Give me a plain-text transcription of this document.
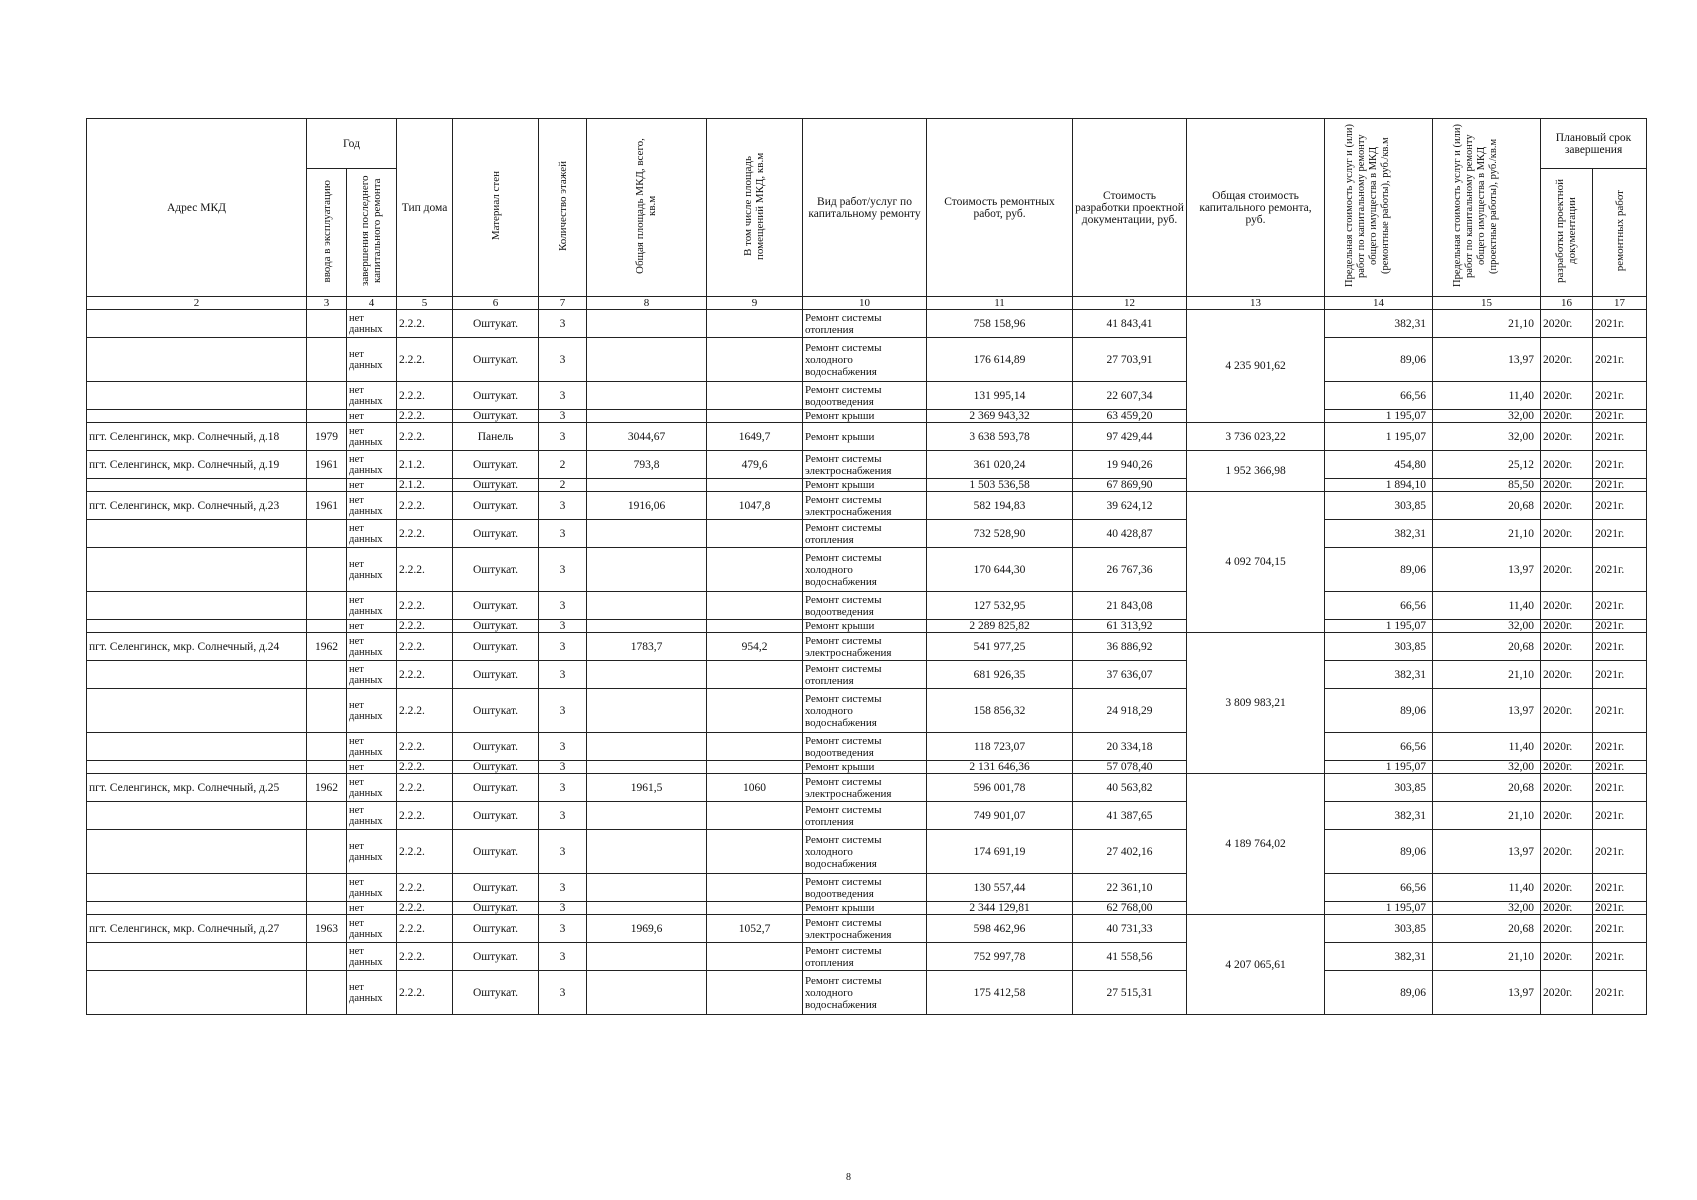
Адрес МКД	Год		Тип дома	Материал стен	Количество этажей	Общая площадь МКД, всего, кв.м	В том числе площадь помещений МКД, кв.м	Вид работ/услуг по капитальному ремонту	Стоимость ремонтных работ, руб.	Стоимость разработки проектной документации, руб.	Общая стоимость капитального ремонта, руб.	Предельная стоимость услуг и (или) работ по капитальному ремонту общего имущества в МКД (ремонтные работы), руб./кв.м	Предельная стоимость услуг и (или) работ по капитальному ремонту общего имущества в МКД (проектные работы), руб./кв.м	Плановый срок завершения	
	ввода в эксплуатацию	завершения последнего капитального ремонта												разработки проектной документации	ремонтных работ
2	3	4	5	6	7	8	9	10	11	12	13	14	15	16	17
		нет данных	2.2.2.	Оштукат.	3			Ремонт системы отопления	758 158,96	41 843,41	4 235 901,62	382,31	21,10	2020г.	2021г.
		нет данных	2.2.2.	Оштукат.	3			Ремонт системы холодного водоснабжения	176 614,89	27 703,91		89,06	13,97	2020г.	2021г.
		нет данных	2.2.2.	Оштукат.	3			Ремонт системы водоотведения	131 995,14	22 607,34		66,56	11,40	2020г.	2021г.
		нет	2.2.2.	Оштукат.	3			Ремонт крыши	2 369 943,32	63 459,20		1 195,07	32,00	2020г.	2021г.
пгт. Селенгинск, мкр. Солнечный, д.18	1979	нет данных	2.2.2.	Панель	3	3044,67	1649,7	Ремонт крыши	3 638 593,78	97 429,44	3 736 023,22	1 195,07	32,00	2020г.	2021г.
пгт. Селенгинск, мкр. Солнечный, д.19	1961	нет данных	2.1.2.	Оштукат.	2	793,8	479,6	Ремонт системы электроснабжения	361 020,24	19 940,26	1 952 366,98	454,80	25,12	2020г.	2021г.
		нет	2.1.2.	Оштукат.	2			Ремонт крыши	1 503 536,58	67 869,90		1 894,10	85,50	2020г.	2021г.
пгт. Селенгинск, мкр. Солнечный, д.23	1961	нет данных	2.2.2.	Оштукат.	3	1916,06	1047,8	Ремонт системы электроснабжения	582 194,83	39 624,12	4 092 704,15	303,85	20,68	2020г.	2021г.
		нет данных	2.2.2.	Оштукат.	3			Ремонт системы отопления	732 528,90	40 428,87		382,31	21,10	2020г.	2021г.
		нет данных	2.2.2.	Оштукат.	3			Ремонт системы холодного водоснабжения	170 644,30	26 767,36		89,06	13,97	2020г.	2021г.
		нет данных	2.2.2.	Оштукат.	3			Ремонт системы водоотведения	127 532,95	21 843,08		66,56	11,40	2020г.	2021г.
		нет	2.2.2.	Оштукат.	3			Ремонт крыши	2 289 825,82	61 313,92		1 195,07	32,00	2020г.	2021г.
пгт. Селенгинск, мкр. Солнечный, д.24	1962	нет данных	2.2.2.	Оштукат.	3	1783,7	954,2	Ремонт системы электроснабжения	541 977,25	36 886,92	3 809 983,21	303,85	20,68	2020г.	2021г.
		нет данных	2.2.2.	Оштукат.	3			Ремонт системы отопления	681 926,35	37 636,07		382,31	21,10	2020г.	2021г.
		нет данных	2.2.2.	Оштукат.	3			Ремонт системы холодного водоснабжения	158 856,32	24 918,29		89,06	13,97	2020г.	2021г.
		нет данных	2.2.2.	Оштукат.	3			Ремонт системы водоотведения	118 723,07	20 334,18		66,56	11,40	2020г.	2021г.
		нет	2.2.2.	Оштукат.	3			Ремонт крыши	2 131 646,36	57 078,40		1 195,07	32,00	2020г.	2021г.
пгт. Селенгинск, мкр. Солнечный, д.25	1962	нет данных	2.2.2.	Оштукат.	3	1961,5	1060	Ремонт системы электроснабжения	596 001,78	40 563,82	4 189 764,02	303,85	20,68	2020г.	2021г.
		нет данных	2.2.2.	Оштукат.	3			Ремонт системы отопления	749 901,07	41 387,65		382,31	21,10	2020г.	2021г.
		нет данных	2.2.2.	Оштукат.	3			Ремонт системы холодного водоснабжения	174 691,19	27 402,16		89,06	13,97	2020г.	2021г.
		нет данных	2.2.2.	Оштукат.	3			Ремонт системы водоотведения	130 557,44	22 361,10		66,56	11,40	2020г.	2021г.
		нет	2.2.2.	Оштукат.	3			Ремонт крыши	2 344 129,81	62 768,00		1 195,07	32,00	2020г.	2021г.
пгт. Селенгинск, мкр. Солнечный, д.27	1963	нет данных	2.2.2.	Оштукат.	3	1969,6	1052,7	Ремонт системы электроснабжения	598 462,96	40 731,33	4 207 065,61	303,85	20,68	2020г.	2021г.
		нет данных	2.2.2.	Оштукат.	3			Ремонт системы отопления	752 997,78	41 558,56		382,31	21,10	2020г.	2021г.
		нет данных	2.2.2.	Оштукат.	3			Ремонт системы холодного водоснабжения	175 412,58	27 515,31		89,06	13,97	2020г.	2021г.
8
